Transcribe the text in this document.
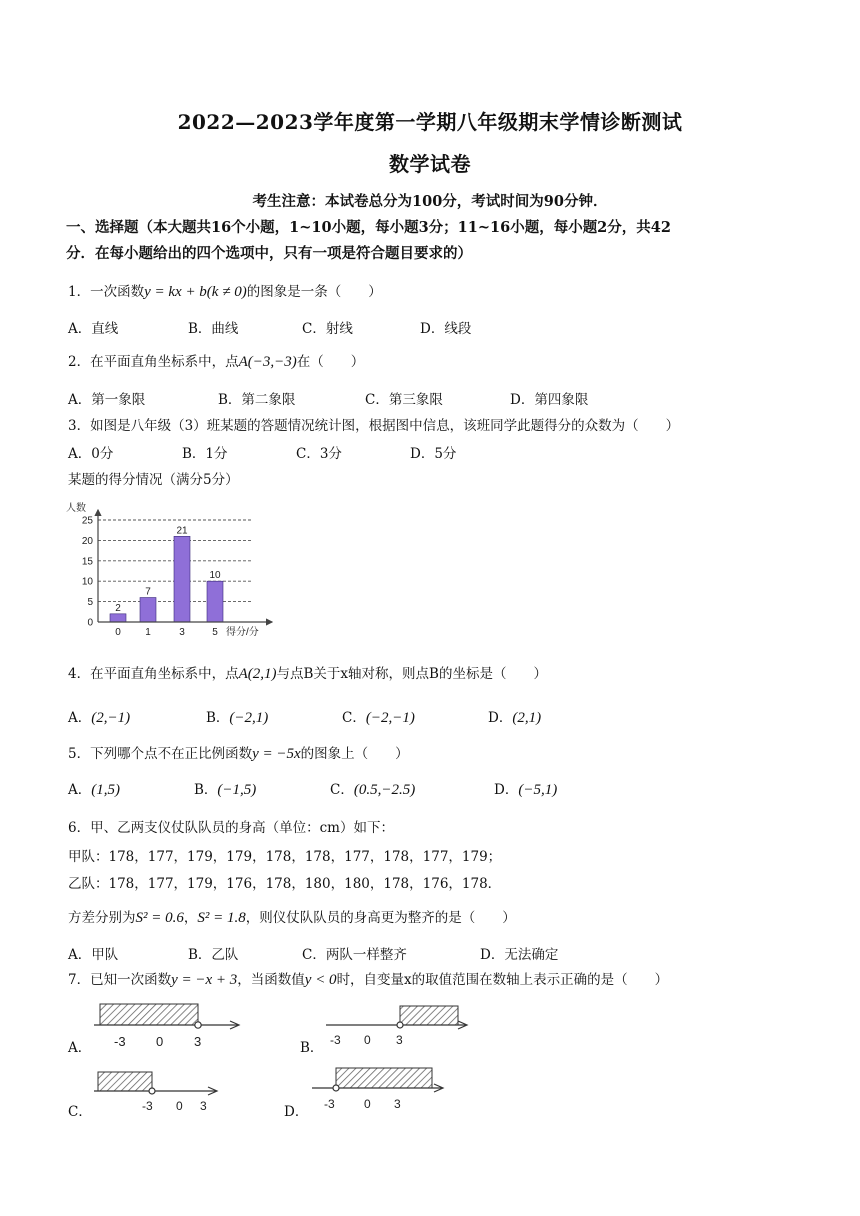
2022—2023学年度第一学期八年级期末学情诊断测试
数学试卷
考生注意：本试卷总分为100分，考试时间为90分钟．
一、选择题（本大题共16个小题，1~10小题，每小题3分；11~16小题，每小题2分，共42
分．在每小题给出的四个选项中，只有一项是符合题目要求的）
1．一次函数y = kx + b(k ≠ 0)的图象是一条（　　）
A．直线	B．曲线	C．射线	D．线段
2．在平面直角坐标系中，点A(−3,−3)在（　　）
A．第一象限	B．第二象限	C．第三象限	D．第四象限
3．如图是八年级（3）班某题的答题情况统计图，根据图中信息，该班同学此题得分的众数为（　　）
A．0分	B．1分	C．3分	D．5分
某题的得分情况（满分5分）
人数
0
5
10
15
20
25
2
7
21
10
0 1	3	5 得分/分
4．在平面直角坐标系中，点A(2,1)与点B关于x轴对称，则点B的坐标是（　　）
A．(2,−1)	B．(−2,1)	C．(−2,−1)	D．(2,1)
5．下列哪个点不在正比例函数y = −5x的图象上（　　）
A．(1,5)	B．(−1,5)	C．(0.5,−2.5)	D．(−5,1)
6．甲、乙两支仪仗队队员的身高（单位：cm）如下：
甲队：178，177，179，179，178，178，177，178，177，179；
乙队：178，177，179，176，178，180，180，178，176，178．
方差分别为S² = 0.6，S² = 1.8，则仪仗队队员的身高更为整齐的是（　　）
A．甲队	B．乙队	C．两队一样整齐	D．无法确定
7．已知一次函数y = −x + 3，当函数值y < 0时，自变量x的取值范围在数轴上表示正确的是（　　）
A． -3 0 3	B． -3 0 3
C．	-3 0 3	D． -3 0 3
